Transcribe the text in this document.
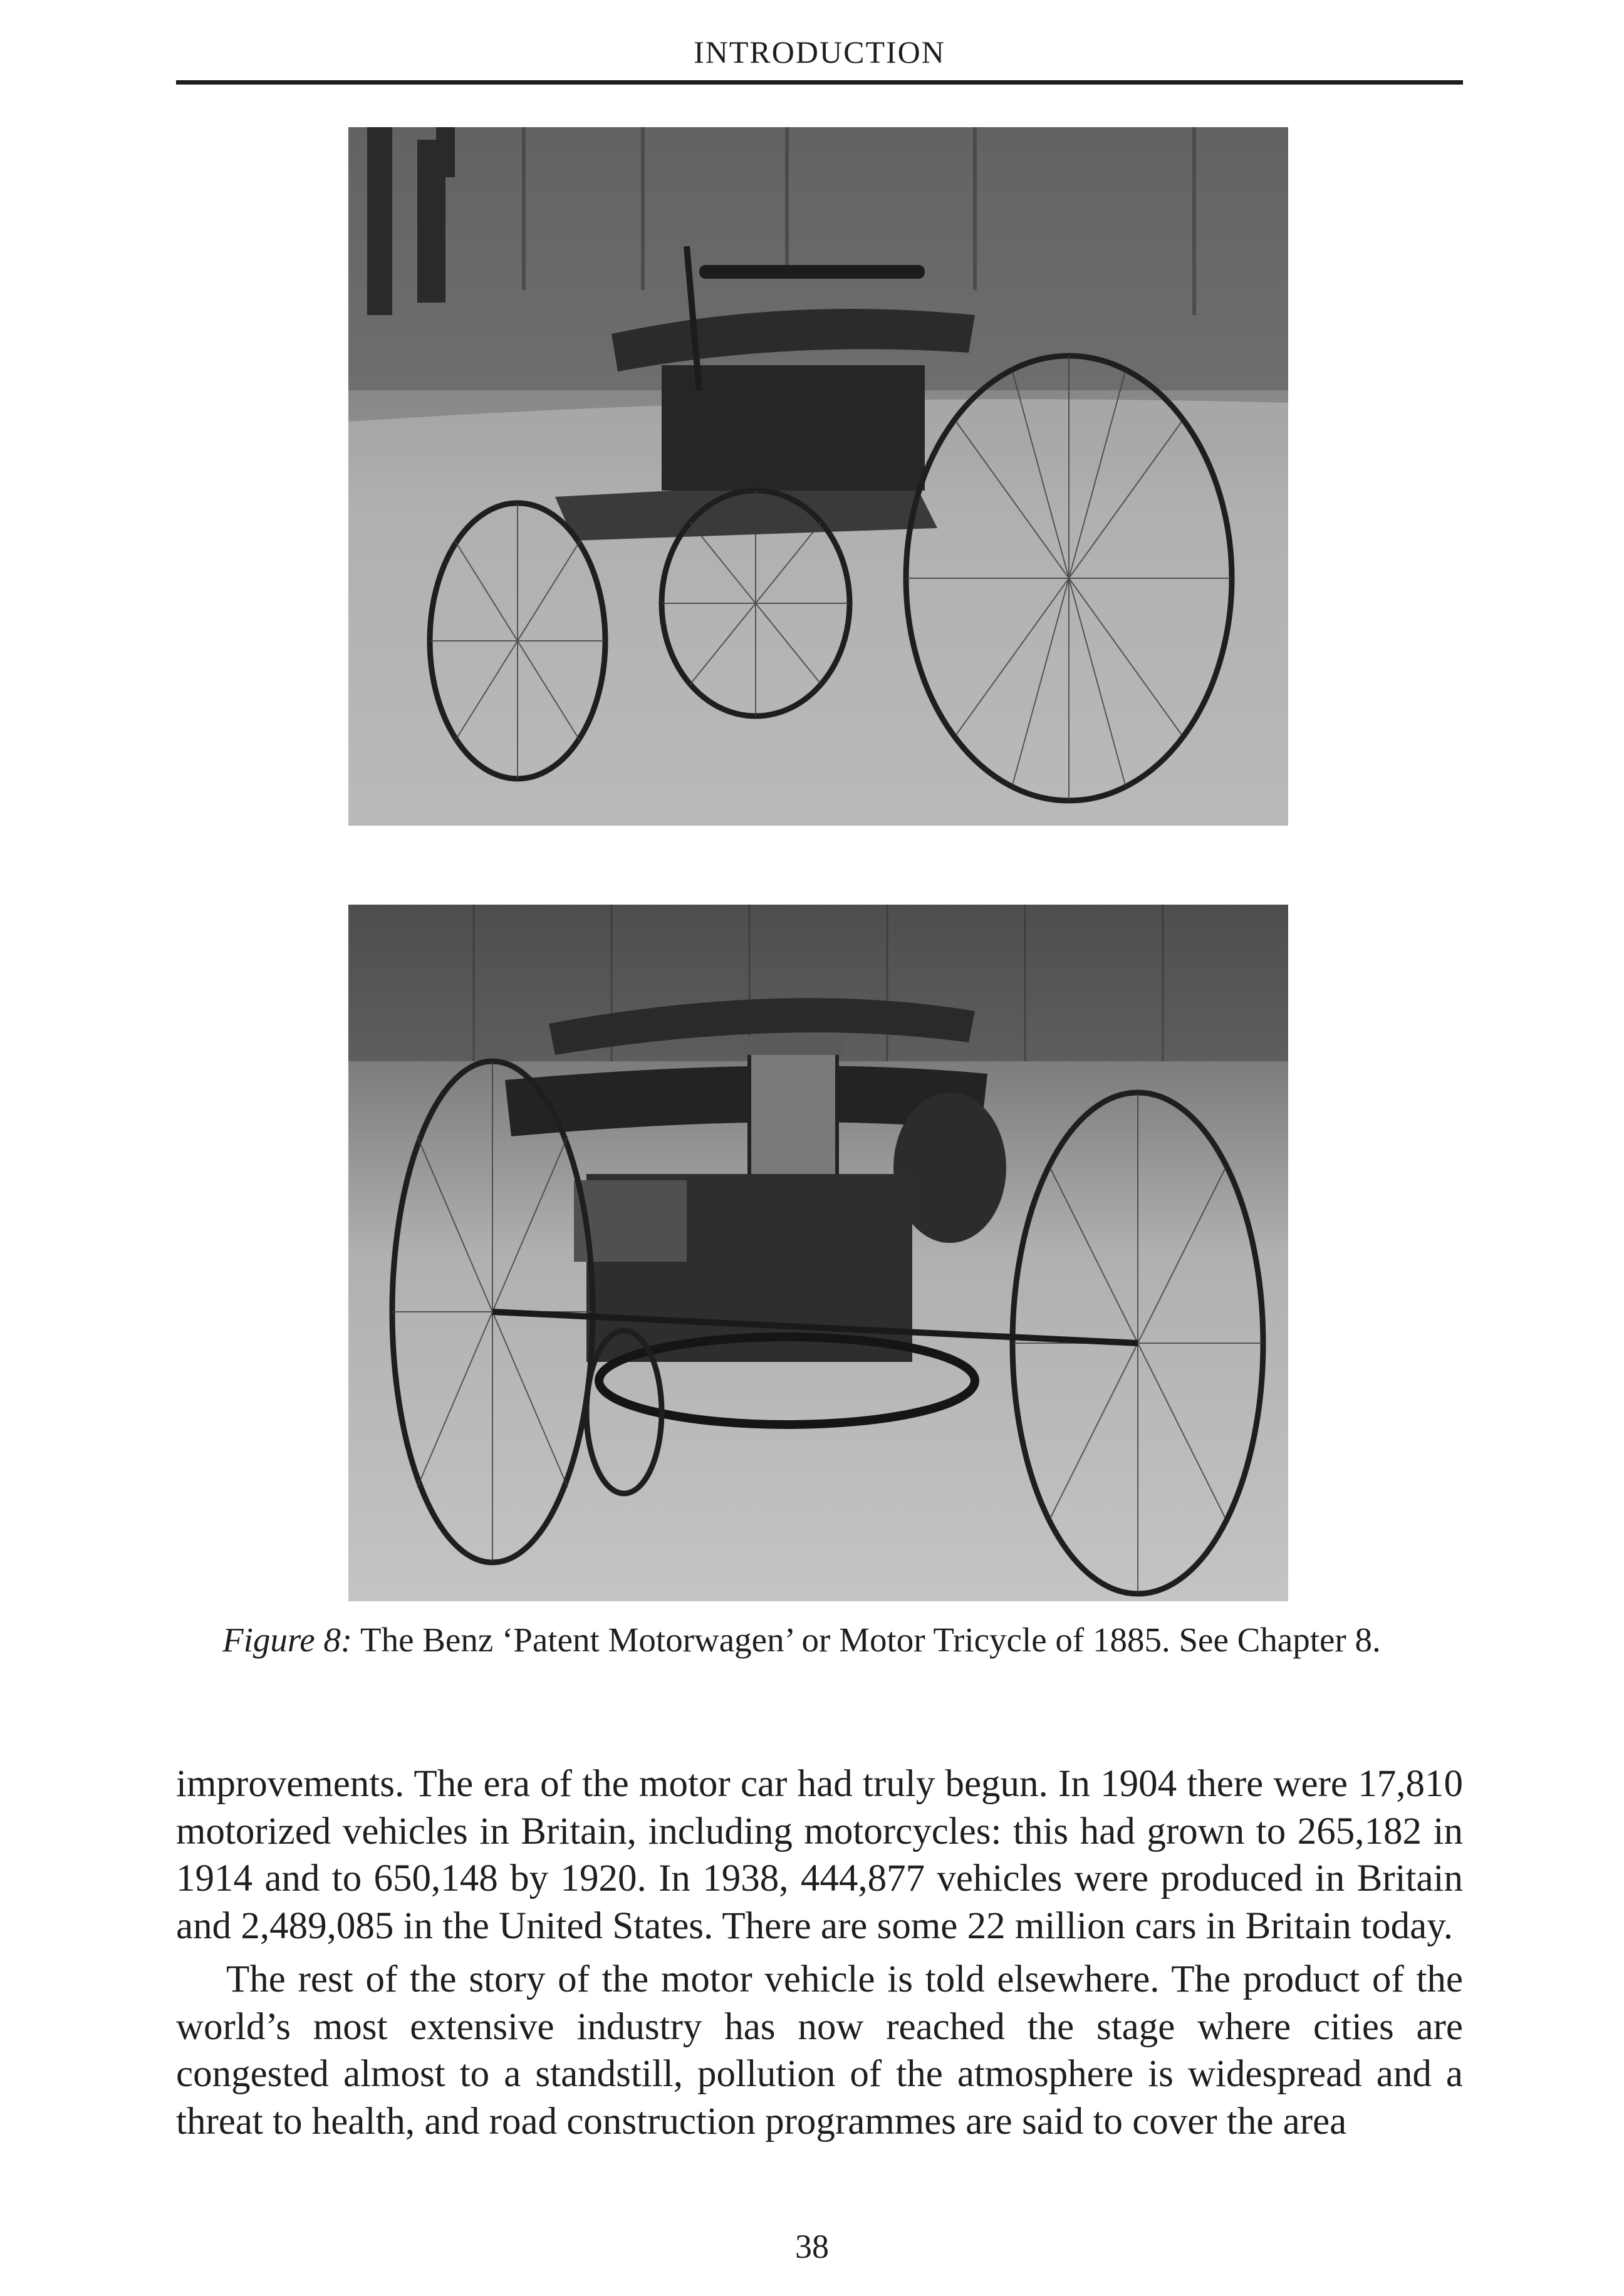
INTRODUCTION
Figure 8: The Benz ‘Patent Motorwagen’ or Motor Tricycle of 1885. See Chapter 8.

improvements. The era of the motor car had truly begun. In 1904 there were 17,810 motorized vehicles in Britain, including motorcycles: this had grown to 265,182 in 1914 and to 650,148 by 1920. In 1938, 444,877 vehicles were produced in Britain and 2,489,085 in the United States. There are some 22 million cars in Britain today.

The rest of the story of the motor vehicle is told elsewhere. The product of the world’s most extensive industry has now reached the stage where cities are congested almost to a standstill, pollution of the atmosphere is widespread and a threat to health, and road construction programmes are said to cover the area

38
